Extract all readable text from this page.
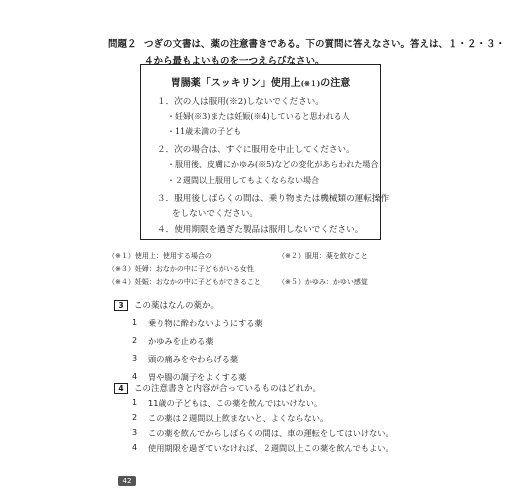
問題２ つぎの文書は、薬の注意書きである。下の質問に答えなさい。答えは、１・２・３・
４から最もよいものを一つえらびなさい。
胃腸薬「スッキリン」使用上(※１)の注意
１．次の人は服用(※2)しないでください。
・妊婦(※3)または妊娠(※4)していると思われる人
・11歳未満の子ども
２．次の場合は、すぐに服用を中止してください。
・服用後、皮膚にかゆみ(※5)などの変化があらわれた場合
・２週間以上服用してもよくならない場合
３．服用後しばらくの間は、乗り物または機械類の運転操作
をしないでください。
４．使用期限を過ぎた製品は服用しないでください。
（※１）使用上：使用する場合の	（※２）服用：薬を飲むこと
（※３）妊婦：おなかの中に子どもがいる女性
（※４）妊娠：おなかの中に子どもができること （※５）かゆみ：かゆい感覚
3	この薬はなんの薬か。
1 乗り物に酔わないようにする薬
2 かゆみを止める薬
3 頭の痛みをやわらげる薬
4 胃や腸の調子をよくする薬
4	この注意書きと内容が合っているものはどれか。
1 11歳の子どもは、この薬を飲んではいけない。
2 この薬は２週間以上飲まないと、よくならない。
3 この薬を飲んでからしばらくの間は、車の運転をしてはいけない。
4 使用期限を過ぎていなければ、２週間以上この薬を飲んでもよい。
42
